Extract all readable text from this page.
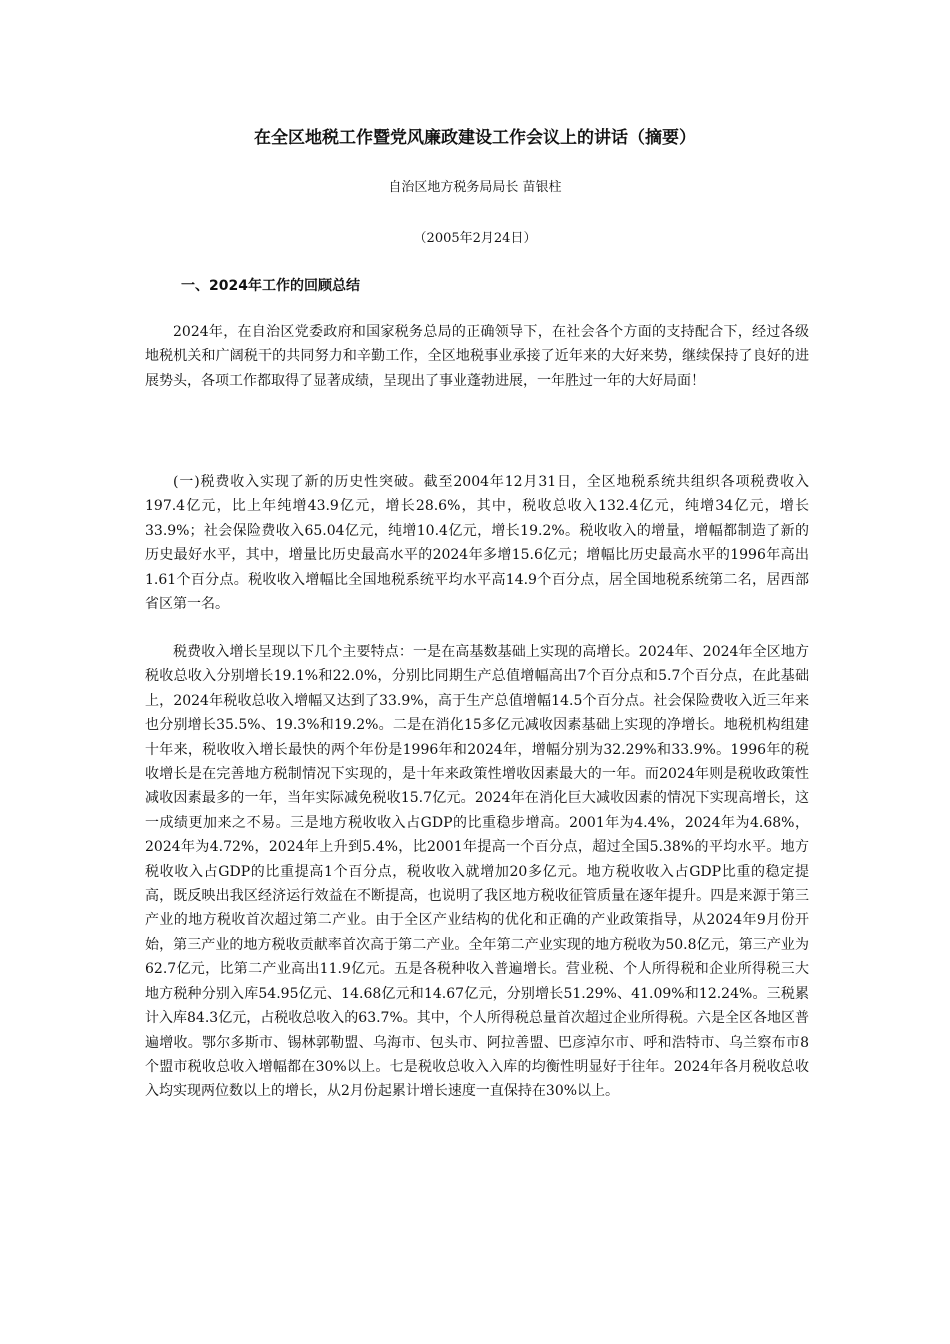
在全区地税工作暨党风廉政建设工作会议上的讲话（摘要）

自治区地方税务局局长 苗银柱

（2005年2月24日）

一、2024年工作的回顾总结

2024年，在自治区党委政府和国家税务总局的正确领导下，在社会各个方面的支持配合下，经过各级地税机关和广阔税干的共同努力和辛勤工作，全区地税事业承接了近年来的大好来势，继续保持了良好的进展势头，各项工作都取得了显著成绩，呈现出了事业蓬勃进展，一年胜过一年的大好局面！

(一)税费收入实现了新的历史性突破。截至2004年12月31日，全区地税系统共组织各项税费收入197.4亿元，比上年纯增43.9亿元，增长28.6%，其中，税收总收入132.4亿元，纯增34亿元，增长33.9%；社会保险费收入65.04亿元，纯增10.4亿元，增长19.2%。税收收入的增量，增幅都制造了新的历史最好水平，其中，增量比历史最高水平的2024年多增15.6亿元；增幅比历史最高水平的1996年高出1.61个百分点。税收收入增幅比全国地税系统平均水平高14.9个百分点，居全国地税系统第二名，居西部省区第一名。

税费收入增长呈现以下几个主要特点：一是在高基数基础上实现的高增长。2024年、2024年全区地方税收总收入分别增长19.1%和22.0%，分别比同期生产总值增幅高出7个百分点和5.7个百分点，在此基础上，2024年税收总收入增幅又达到了33.9%，高于生产总值增幅14.5个百分点。社会保险费收入近三年来也分别增长35.5%、19.3%和19.2%。二是在消化15多亿元减收因素基础上实现的净增长。地税机构组建十年来，税收收入增长最快的两个年份是1996年和2024年，增幅分别为32.29%和33.9%。1996年的税收增长是在完善地方税制情况下实现的，是十年来政策性增收因素最大的一年。而2024年则是税收政策性减收因素最多的一年，当年实际减免税收15.7亿元。2024年在消化巨大减收因素的情况下实现高增长，这一成绩更加来之不易。三是地方税收收入占GDP的比重稳步增高。2001年为4.4%，2024年为4.68%，2024年为4.72%，2024年上升到5.4%，比2001年提高一个百分点，超过全国5.38%的平均水平。地方税收收入占GDP的比重提高1个百分点，税收收入就增加20多亿元。地方税收收入占GDP比重的稳定提高，既反映出我区经济运行效益在不断提高，也说明了我区地方税收征管质量在逐年提升。四是来源于第三产业的地方税收首次超过第二产业。由于全区产业结构的优化和正确的产业政策指导，从2024年9月份开始，第三产业的地方税收贡献率首次高于第二产业。全年第二产业实现的地方税收为50.8亿元，第三产业为62.7亿元，比第二产业高出11.9亿元。五是各税种收入普遍增长。营业税、个人所得税和企业所得税三大地方税种分别入库54.95亿元、14.68亿元和14.67亿元，分别增长51.29%、41.09%和12.24%。三税累计入库84.3亿元，占税收总收入的63.7%。其中，个人所得税总量首次超过企业所得税。六是全区各地区普遍增收。鄂尔多斯市、锡林郭勒盟、乌海市、包头市、阿拉善盟、巴彦淖尔市、呼和浩特市、乌兰察布市8个盟市税收总收入增幅都在30%以上。七是税收总收入入库的均衡性明显好于往年。2024年各月税收总收入均实现两位数以上的增长，从2月份起累计增长速度一直保持在30%以上。
